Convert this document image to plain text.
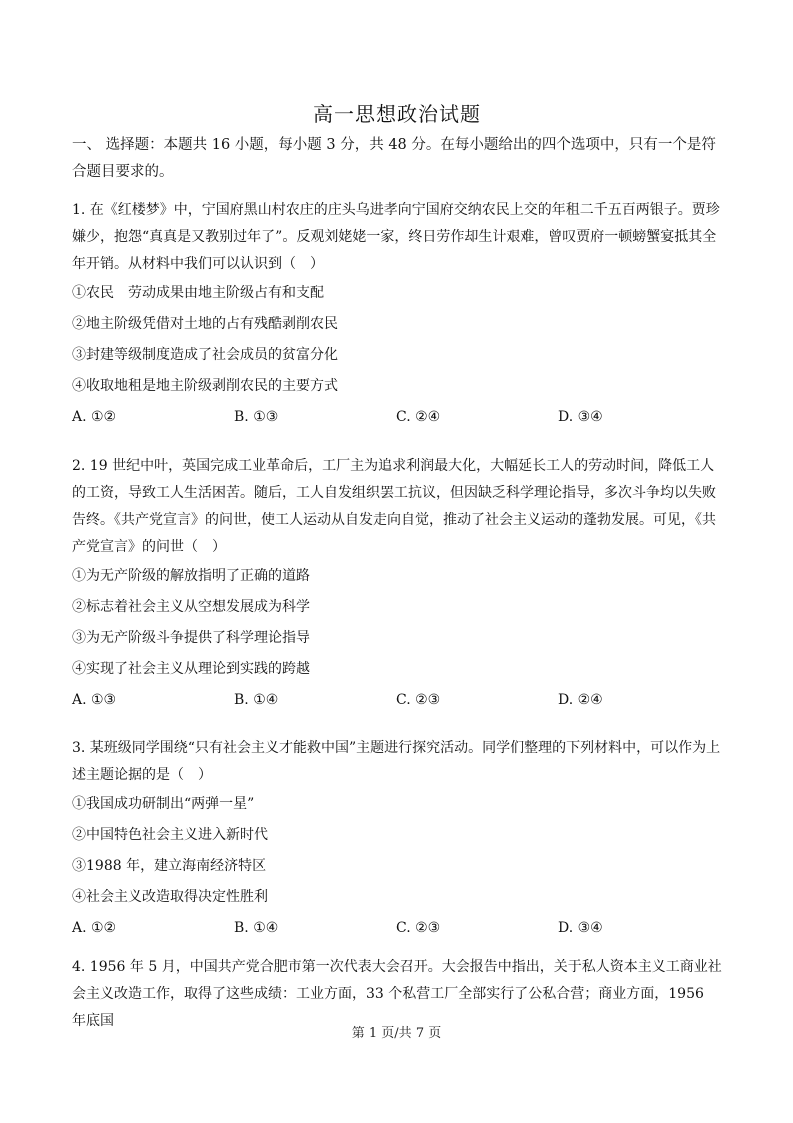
高一思想政治试题
一、 选择题：本题共 16 小题，每小题 3 分，共 48 分。在每小题给出的四个选项中，只有一个是符合题目要求的。
1. 在《红楼梦》中，宁国府黑山村农庄的庄头乌进孝向宁国府交纳农民上交的年租二千五百两银子。贾珍嫌少，抱怨“真真是又教别过年了”。反观刘姥姥一家，终日劳作却生计艰难，曾叹贾府一顿螃蟹宴抵其全年开销。从材料中我们可以认识到（　）
①农民　劳动成果由地主阶级占有和支配
②地主阶级凭借对土地的占有残酷剥削农民
③封建等级制度造成了社会成员的贫富分化
④收取地租是地主阶级剥削农民的主要方式
A. ①②	B. ①③	C. ②④	D. ③④
2. 19 世纪中叶，英国完成工业革命后，工厂主为追求利润最大化，大幅延长工人的劳动时间，降低工人的工资，导致工人生活困苦。随后，工人自发组织罢工抗议，但因缺乏科学理论指导，多次斗争均以失败告终。《共产党宣言》的问世，使工人运动从自发走向自觉，推动了社会主义运动的蓬勃发展。可见，《共产党宣言》的问世（　）
①为无产阶级的解放指明了正确的道路
②标志着社会主义从空想发展成为科学
③为无产阶级斗争提供了科学理论指导
④实现了社会主义从理论到实践的跨越
A. ①③	B. ①④	C. ②③	D. ②④
3. 某班级同学围绕“只有社会主义才能救中国”主题进行探究活动。同学们整理的下列材料中，可以作为上述主题论据的是（　）
①我国成功研制出“两弹一星”
②中国特色社会主义进入新时代
③1988 年，建立海南经济特区
④社会主义改造取得决定性胜利
A. ①②	B. ①④	C. ②③	D. ③④
4. 1956 年 5 月，中国共产党合肥市第一次代表大会召开。大会报告中指出，关于私人资本主义工商业社会主义改造工作，取得了这些成绩：工业方面，33 个私营工厂全部实行了公私合营；商业方面，1956 年底国
第 1 页/共 7 页
